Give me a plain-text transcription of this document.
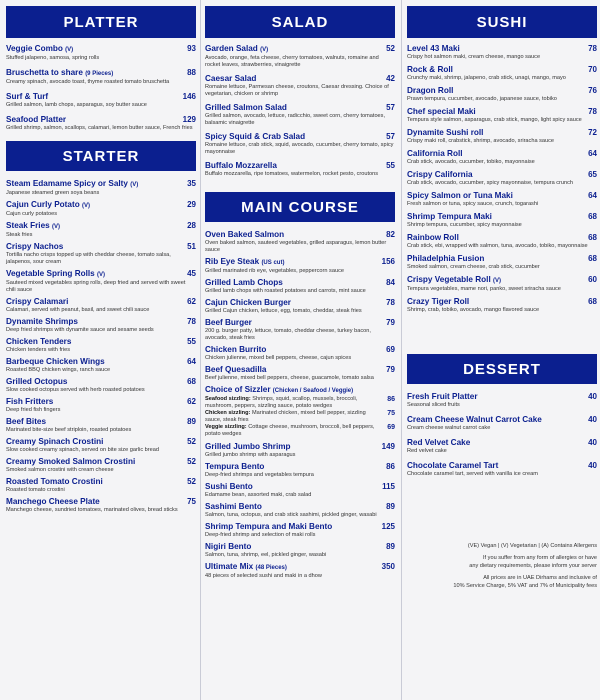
PLATTER
Veggie Combo (V)	93
Stuffed jalapeno, samosa, spring rolls
Bruschetta to share (9 Pieces)	88
Creamy spinach, avocado toast, thyme roasted tomato bruschetta
Surf & Turf	146
Grilled salmon, lamb chops, asparagus, soy butter sauce
Seafood Platter	129
Grilled shrimp, salmon, scallops, calamari, lemon butter sauce, French fries
STARTER
Steam Edamame Spicy or Salty (V)	35
Japanese steamed green soya beans
Cajun Curly Potato (V)	29
Cajun curly potatoes
Steak Fries (V)	28
Steak fries
Crispy Nachos	51
Tortilla nacho crisps topped up with cheddar cheese, tomato salsa, jalapenos, sour cream
Vegetable Spring Rolls (V)	45
Sauteed mixed vegetables spring rolls, deep fried and served with sweet chili sauce
Crispy Calamari	62
Calamari, served with peanut, basil, and sweet chili sauce
Dynamite Shrimps	78
Deep fried shrimps with dynamite sauce and sesame seeds
Chicken Tenders	55
Chicken tenders with fries
Barbeque Chicken Wings	64
Roasted BBQ chicken wings, ranch sauce
Grilled Octopus	68
Slow cooked octopus served with herb roasted potatoes
Fish Fritters	62
Deep fried fish fingers
Beef Bites	89
Marinated bite-size beef striploin, roasted potatoes
Creamy Spinach Crostini	52
Slow cooked creamy spinach, served on bite size garlic bread
Creamy Smoked Salmon Crostini	52
Smoked salmon crostini with cream cheese
Roasted Tomato Crostini	52
Roasted tomato crostini
Manchego Cheese Plate	75
Manchego cheese, sundried tomatoes, marinated olives, bread sticks
SALAD
Garden Salad (V)	52
Avocado, orange, feta cheese, cherry tomatoes, walnuts, romaine and rocket leaves, strawberries, vinaigrette
Caesar Salad	42
Romaine lettuce, Parmesan cheese, croutons, Caesar dressing. Choice of vegetarian, chicken or shrimp
Grilled Salmon Salad	57
Grilled salmon, avocado, lettuce, radicchio, sweet corn, cherry tomatoes, balsamic vinaigrette
Spicy Squid & Crab Salad	57
Romaine lettuce, crab stick, squid, avocado, cucumber, cherry tomato, spicy mayonnaise
Buffalo Mozzarella	55
Buffalo mozzarella, ripe tomatoes, watermelon, rocket pesto, croutons
MAIN COURSE
Oven Baked Salmon	82
Oven baked salmon, sauteed vegetables, grilled asparagus, lemon butter sauce
Rib Eye Steak (US cut)	156
Grilled marinated rib eye, vegetables, peppercorn sauce
Grilled Lamb Chops	84
Grilled lamb chops with roasted potatoes and carrots, mint sauce
Cajun Chicken Burger	78
Grilled Cajun chicken, lettuce, egg, tomato, cheddar, steak fries
Beef Burger	79
200 g. burger patty, lettuce, tomato, cheddar cheese, turkey bacon, avocado, steak fries
Chicken Burrito	69
Chicken julienne, mixed bell peppers, cheese, cajun spices
Beef Quesadilla	79
Beef julienne, mixed bell peppers, cheese, guacamole, tomato salsa
Choice of Sizzler (Chicken / Seafood / Veggie)
Seafood sizzling: Shrimps, squid, scallop, mussels, broccoli, mushroom, peppers, sizzling sauce, potato wedges
86
Chicken sizzling: Marinated chicken, mixed bell pepper, sizzling sauce, steak fries
75
Veggie sizzling: Cottage cheese, mushroom, broccoli, bell peppers, potato wedges
69
Grilled Jumbo Shrimp	149
Grilled jumbo shrimp with asparagus
Tempura Bento	86
Deep-fried shrimps and vegetables tempura
Sushi Bento	115
Edamame bean, assorted maki, crab salad
Sashimi Bento	89
Salmon, tuna, octopus, and crab stick sashimi, pickled ginger, wasabi
Shrimp Tempura and Maki Bento	125
Deep-fried shrimp and selection of maki rolls
Nigiri Bento	89
Salmon, tuna, shrimp, eel, pickled ginger, wasabi
Ultimate Mix (48 Pieces)	350
48 pieces of selected sushi and maki in a dhow
SUSHI
Level 43 Maki	78
Crispy hot salmon maki, cream cheese, mango sauce
Rock & Roll	70
Crunchy maki, shrimp, jalapeno, crab stick, unagi, mango, mayo
Dragon Roll	76
Prawn tempura, cucumber, avocado, japanese sauce, tobiko
Chef special Maki	78
Tempura style salmon, asparagus, crab stick, mango, light spicy sauce
Dynamite Sushi roll	72
Crispy maki roll, crabstick, shrimp, avocado, sriracha sauce
California Roll	64
Crab stick, avocado, cucumber, tobiko, mayonnaise
Crispy California	65
Crab stick, avocado, cucumber, spicy mayonnaise, tempura crunch
Spicy Salmon or Tuna Maki	64
Fresh salmon or tuna, spicy sauce, crunch, togarashi
Shrimp Tempura Maki	68
Shrimp tempura, cucumber, spicy mayonnaise
Rainbow Roll	68
Crab stick, ebi, wrapped with salmon, tuna, avocado, tobiko, mayonnaise
Philadelphia Fusion	68
Smoked salmon, cream cheese, crab stick, cucumber
Crispy Vegetable Roll (V)	60
Tempura vegetables, mame nori, panko, sweet sriracha sauce
Crazy Tiger Roll	68
Shrimp, crab, tobiko, avocado, mango flavored sauce
DESSERT
Fresh Fruit Platter	40
Seasonal sliced fruits
Cream Cheese Walnut Carrot Cake	40
Cream cheese walnut carrot cake
Red Velvet Cake	40
Red velvet cake
Chocolate Caramel Tart	40
Chocolate caramel tart, served with vanilla ice cream
(VE) Vegan | (V) Vegetarian | (A) Contains Allergens
If you suffer from any form of allergies or have
any dietary requirements, please inform your server
All prices are in UAE Dirhams and inclusive of
10% Service Charge, 5% VAT and 7% of Municipality fees
